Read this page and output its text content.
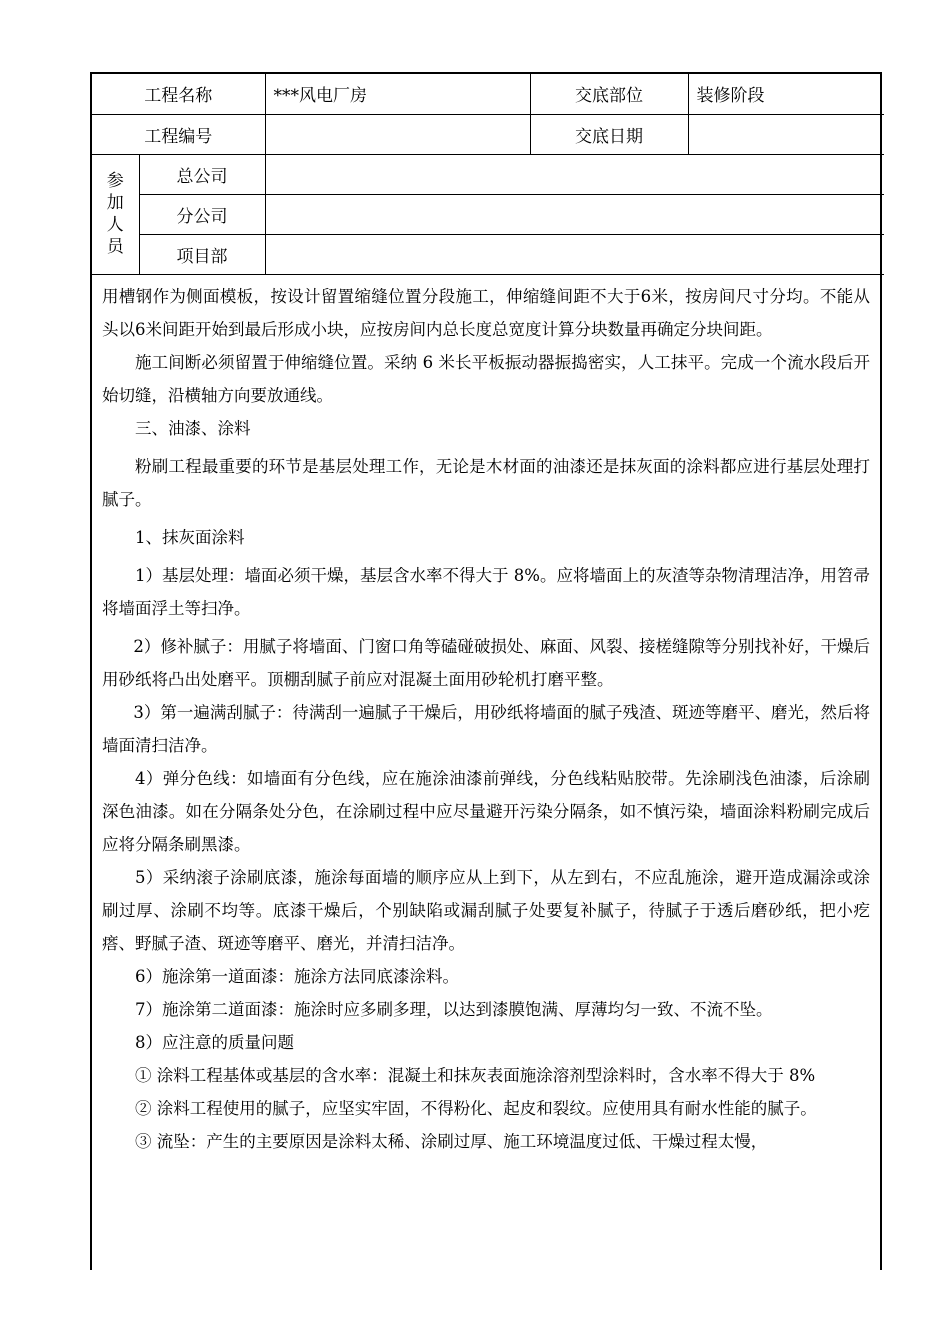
工程名称		***风电厂房	交底部位	装修阶段
工程编号			交底日期	

参
加
人
员	总公司			
	分公司			
	项目部			

用槽钢作为侧面模板，按设计留置缩缝位置分段施工，伸缩缝间距不大于6米，按房间尺寸分均。不能从头以6米间距开始到最后形成小块，应按房间内总长度总宽度计算分块数量再确定分块间距。

施工间断必须留置于伸缩缝位置。采纳 6 米长平板振动器振捣密实，人工抹平。完成一个流水段后开始切缝，沿横轴方向要放通线。

三、油漆、涂料

粉刷工程最重要的环节是基层处理工作，无论是木材面的油漆还是抹灰面的涂料都应进行基层处理打腻子。

1、抹灰面涂料

1）基层处理：墙面必须干燥，基层含水率不得大于 8%。应将墙面上的灰渣等杂物清理洁净，用笤帚将墙面浮土等扫净。

2）修补腻子：用腻子将墙面、门窗口角等磕碰破损处、麻面、风裂、接槎缝隙等分别找补好，干燥后用砂纸将凸出处磨平。顶棚刮腻子前应对混凝土面用砂轮机打磨平整。

3）第一遍满刮腻子：待满刮一遍腻子干燥后，用砂纸将墙面的腻子残渣、斑迹等磨平、磨光，然后将墙面清扫洁净。

4）弹分色线：如墙面有分色线，应在施涂油漆前弹线，分色线粘贴胶带。先涂刷浅色油漆，后涂刷深色油漆。如在分隔条处分色，在涂刷过程中应尽量避开污染分隔条，如不慎污染，墙面涂料粉刷完成后应将分隔条刷黑漆。

5）采纳滚子涂刷底漆，施涂每面墙的顺序应从上到下，从左到右，不应乱施涂，避开造成漏涂或涂刷过厚、涂刷不均等。底漆干燥后，个别缺陷或漏刮腻子处要复补腻子，待腻子于透后磨砂纸，把小疙瘩、野腻子渣、斑迹等磨平、磨光，并清扫洁净。

6）施涂第一道面漆：施涂方法同底漆涂料。

7）施涂第二道面漆：施涂时应多刷多理，以达到漆膜饱满、厚薄均匀一致、不流不坠。

8）应注意的质量问题

① 涂料工程基体或基层的含水率：混凝土和抹灰表面施涂溶剂型涂料时，含水率不得大于 8%

② 涂料工程使用的腻子，应坚实牢固，不得粉化、起皮和裂纹。应使用具有耐水性能的腻子。

③ 流坠：产生的主要原因是涂料太稀、涂刷过厚、施工环境温度过低、干燥过程太慢，
